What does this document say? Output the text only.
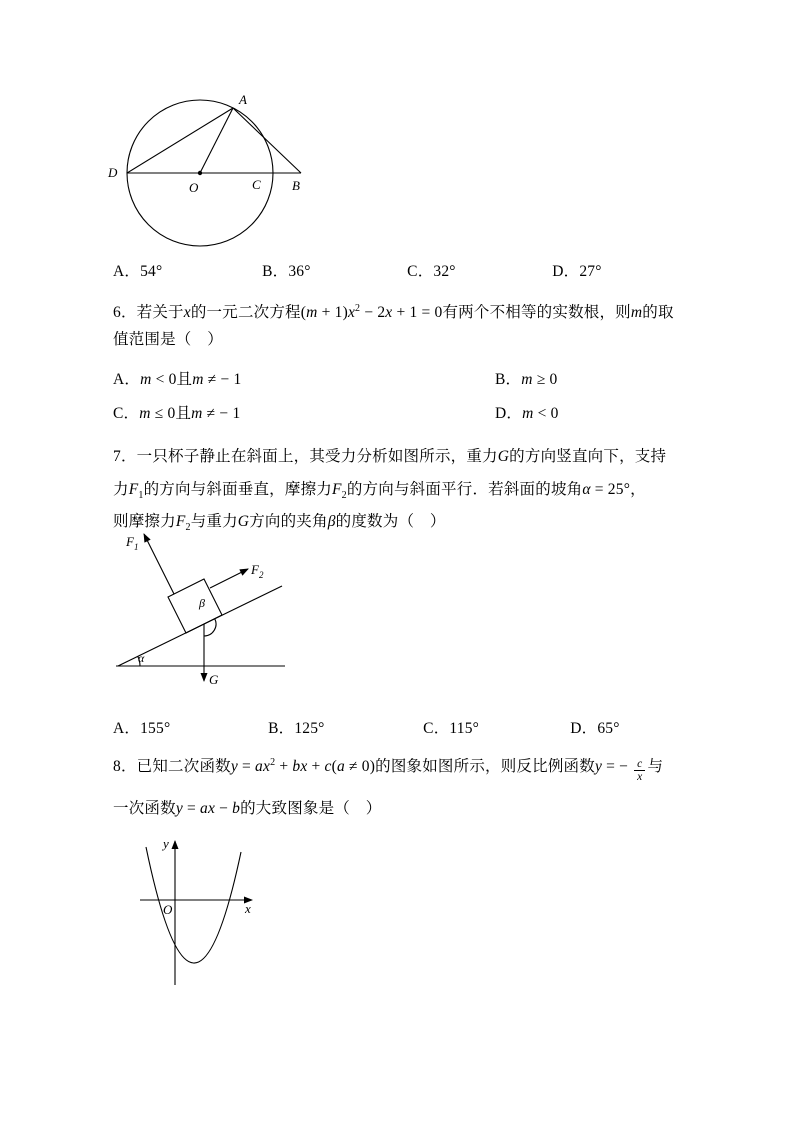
A
D
O	C B
A．54°	B．36°	C．32°	D．27°
6．若关于x的一元二次方程$(m + 1)x^2 - 2x + 1 = 0$有两个不相等的实数根，则m的取
值范围是（　）
A．m < 0且m ≠ − 1	B．m ≥ 0
C．m ≤ 0且m ≠ − 1	D．m < 0
7．一只杯子静止在斜面上，其受力分析如图所示，重力G的方向竖直向下，支持
力$F_1$的方向与斜面垂直，摩擦力$F_2$的方向与斜面平行．若斜面的坡角α = 25°，
则摩擦力$F_2$与重力G方向的夹角β的度数为（　）
$F_1$
$F_2$
G
α
β
A．155°	B．125°	C．115°	D．65°
8．已知二次函数$y = ax^2$ + bx + c(a ≠ 0)的图象如图所示，则反比例函数y = − $\frac{c}{x}$ 与
一次函数y = ax − b的大致图象是（　）
O	x
y
